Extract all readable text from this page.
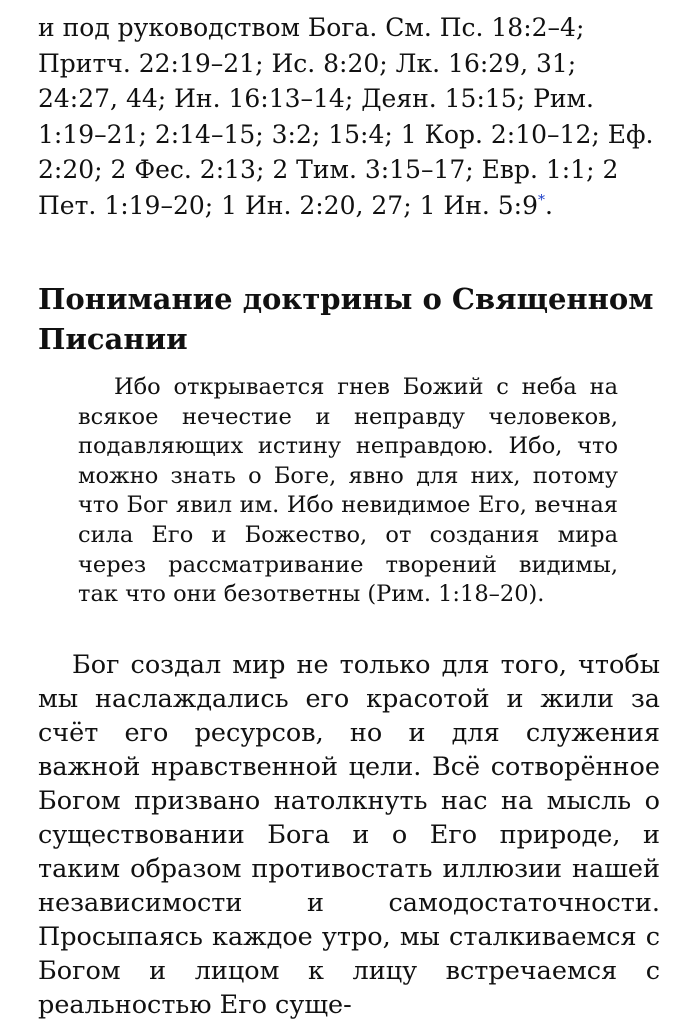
и под руководством Бога. См. Пс. 18:2–4; Притч. 22:19–21; Ис. 8:20; Лк. 16:29, 31; 24:27, 44; Ин. 16:13–14; Деян. 15:15; Рим. 1:19–21; 2:14–15; 3:2; 15:4; 1 Кор. 2:10–12; Еф. 2:20; 2 Фес. 2:13; 2 Тим. 3:15–17; Евр. 1:1; 2 Пет. 1:19–20; 1 Ин. 2:20, 27; 1 Ин. 5:9*.

Понимание доктрины о Священном Писании

Ибо открывается гнев Божий с неба на всякое нечестие и неправду человеков, подавляющих истину неправдою. Ибо, что можно знать о Боге, явно для них, потому что Бог явил им. Ибо невидимое Его, вечная сила Его и Божество, от создания мира через рассматривание творений видимы, так что они безответны (Рим. 1:18–20).

Бог создал мир не только для того, чтобы мы наслаждались его красотой и жили за счёт его ресурсов, но и для служения важной нравственной цели. Всё сотворённое Богом призвано натолкнуть нас на мысль о существовании Бога и о Его природе, и таким образом противостать иллюзии нашей независимости и самодостаточности. Просыпаясь каждое утро, мы сталкиваемся с Богом и лицом к лицу встречаемся с реальностью Его суще-
